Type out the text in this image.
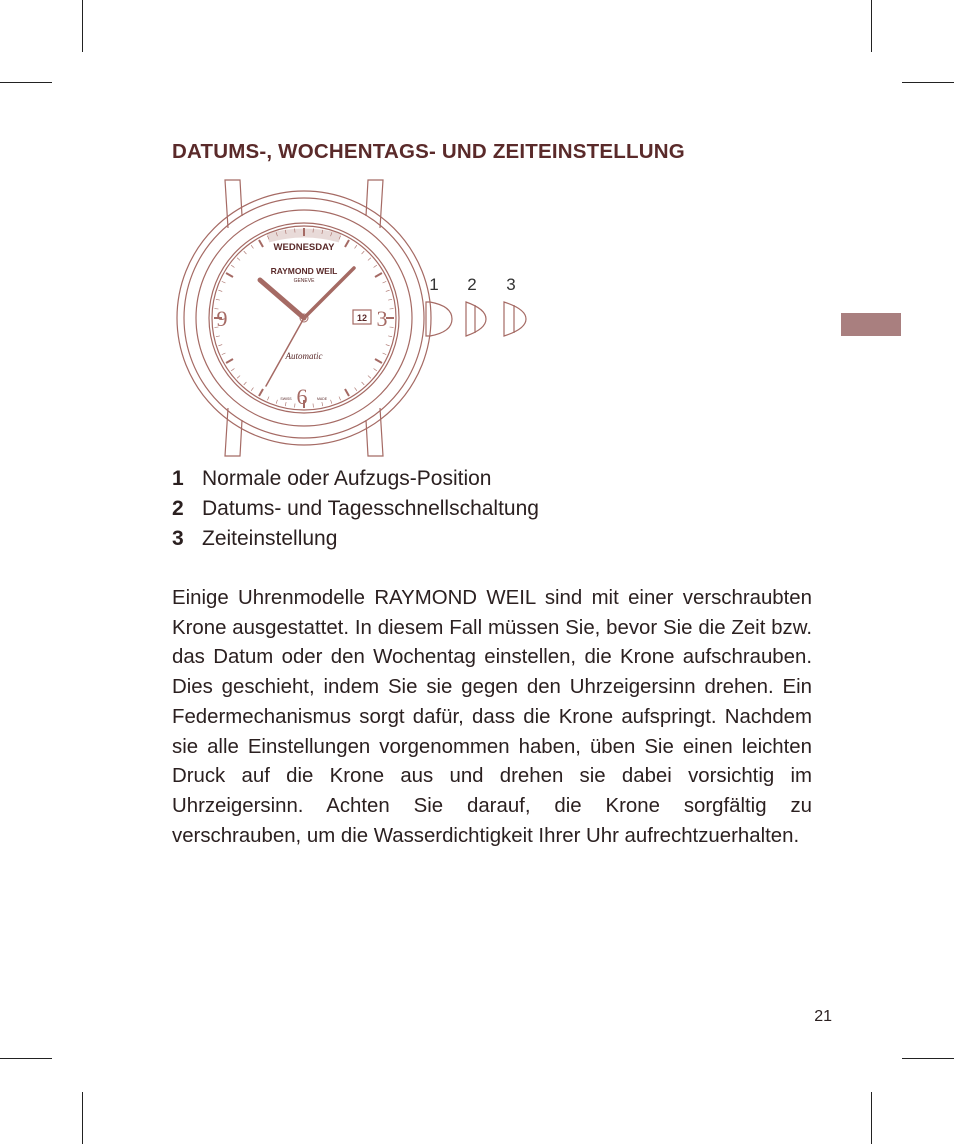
DATUMS-, WOCHENTAGS- UND ZEITEINSTELLUNG
WEDNESDAY
RAYMOND WEIL
GENEVE
9	3
6
12
Automatic
SWISS	MADE
1 2 3
1 Normale oder Aufzugs-Position
2 Datums- und Tagesschnellschaltung
3 Zeiteinstellung

Einige Uhrenmodelle RAYMOND WEIL sind mit einer verschraubten Krone ausgestattet. In diesem Fall müssen Sie, bevor Sie die Zeit bzw. das Datum oder den Wochentag einstellen, die Krone aufschrauben. Dies geschieht, indem Sie sie gegen den Uhrzeigersinn drehen. Ein Federmechanismus sorgt dafür, dass die Krone aufspringt. Nachdem sie alle Einstellungen vorgenommen haben, üben Sie einen leichten Druck auf die Krone aus und drehen sie dabei vorsichtig im Uhrzeigersinn. Achten Sie darauf, die Krone sorgfältig zu verschrauben, um die Wasserdichtigkeit Ihrer Uhr aufrechtzuerhalten.

21
